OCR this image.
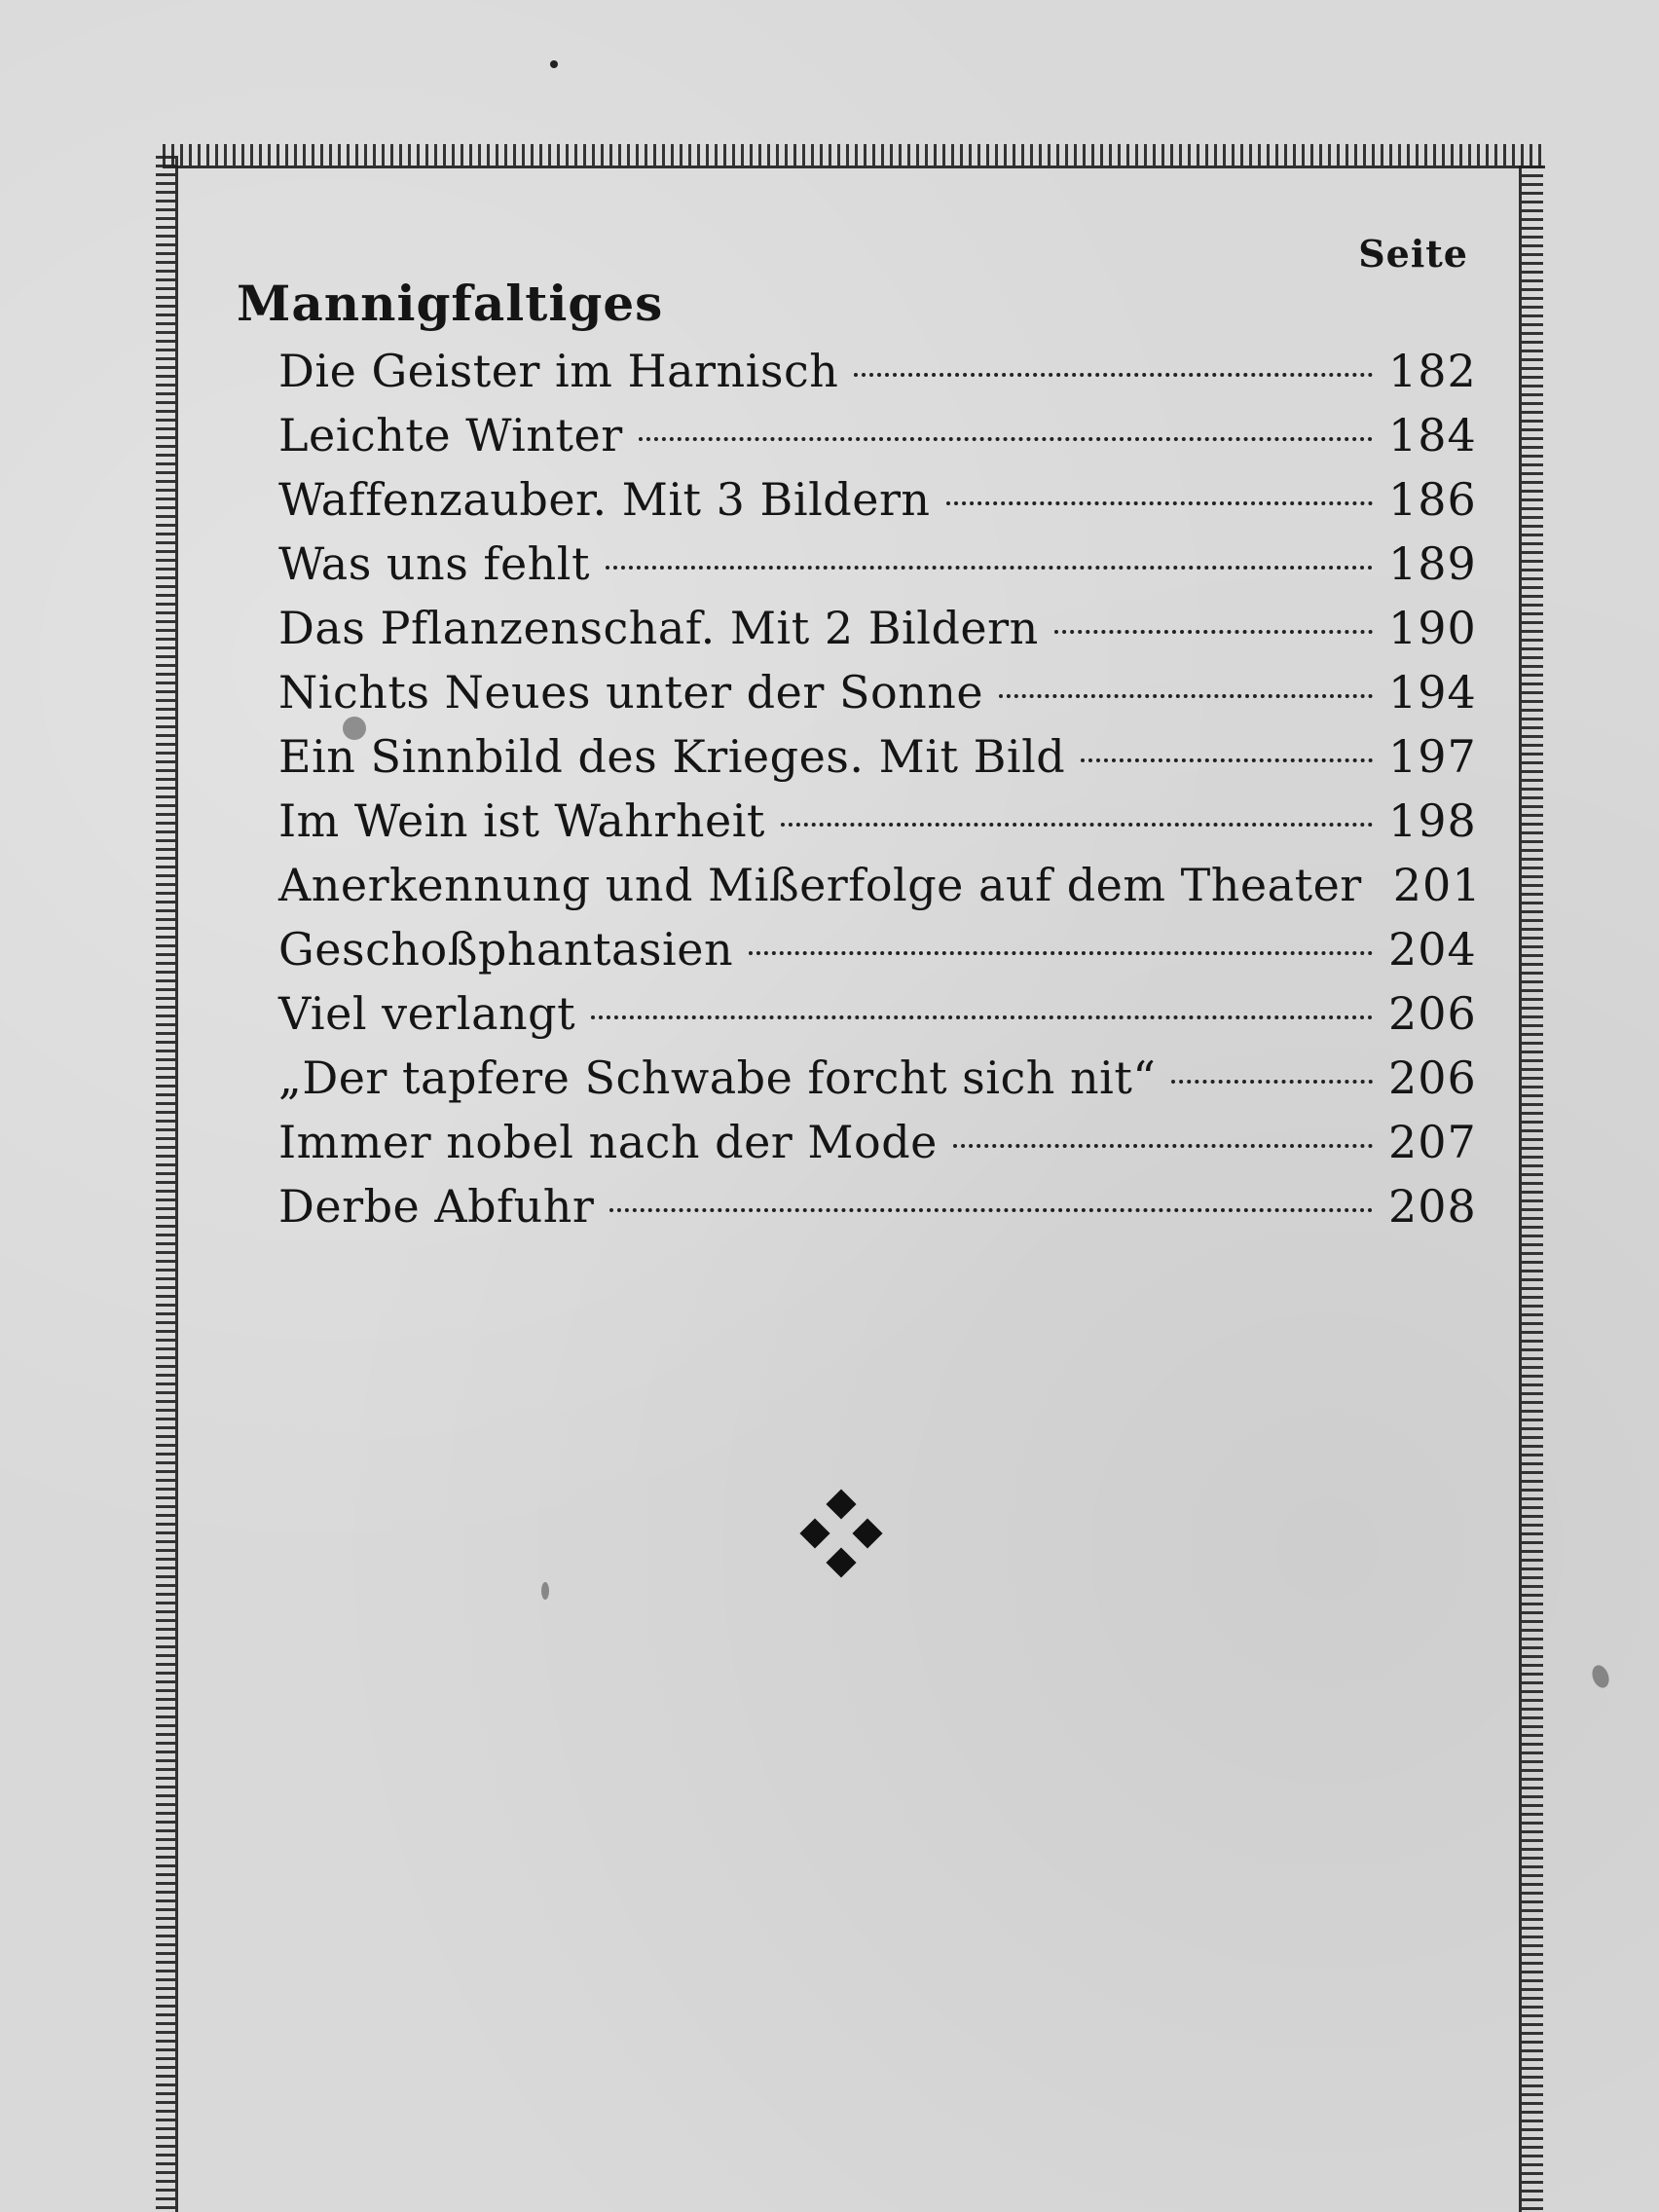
Seite
Mannigfaltiges
Die Geister im Harnisch	182
Leichte Winter	184
Waffenzauber. Mit 3 Bildern	186
Was uns fehlt	189
Das Pflanzenschaf. Mit 2 Bildern	190
Nichts Neues unter der Sonne	194
Ein Sinnbild des Krieges. Mit Bild	197
Im Wein ist Wahrheit	198
Anerkennung und Mißerfolge auf dem Theater 201
Geschoßphantasien	204
Viel verlangt	206
„Der tapfere Schwabe forcht sich nit“	206
Immer nobel nach der Mode	207
Derbe Abfuhr	208
